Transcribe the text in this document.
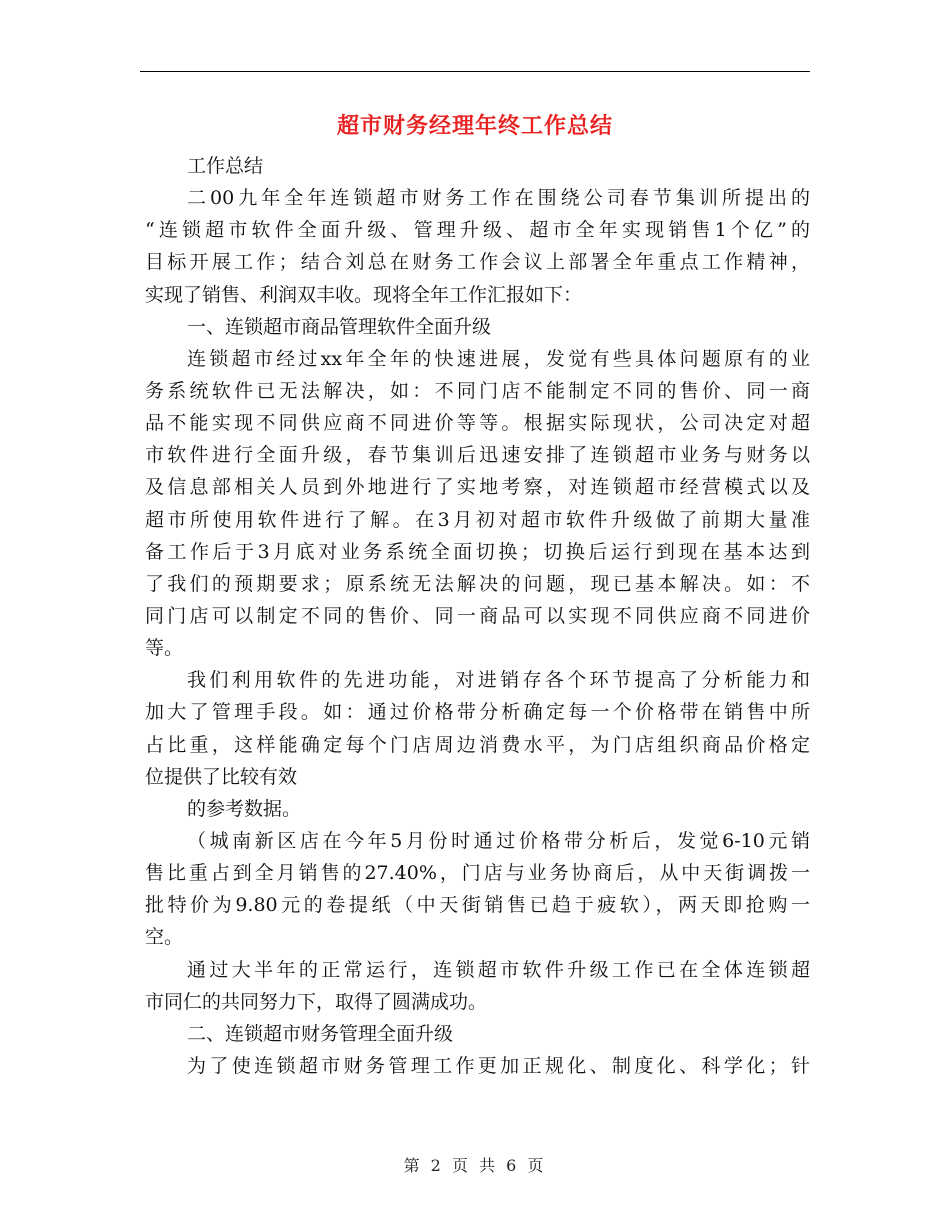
超市财务经理年终工作总结
工作总结
二00九年全年连锁超市财务工作在围绕公司春节集训所提出的
“连锁超市软件全面升级、管理升级、超市全年实现销售1个亿”的
目标开展工作；结合刘总在财务工作会议上部署全年重点工作精神，
实现了销售、利润双丰收。现将全年工作汇报如下：
一、连锁超市商品管理软件全面升级
连锁超市经过xx年全年的快速进展，发觉有些具体问题原有的业
务系统软件已无法解决，如：不同门店不能制定不同的售价、同一商
品不能实现不同供应商不同进价等等。根据实际现状，公司决定对超
市软件进行全面升级，春节集训后迅速安排了连锁超市业务与财务以
及信息部相关人员到外地进行了实地考察，对连锁超市经营模式以及
超市所使用软件进行了解。在3月初对超市软件升级做了前期大量准
备工作后于3月底对业务系统全面切换；切换后运行到现在基本达到
了我们的预期要求；原系统无法解决的问题，现已基本解决。如：不
同门店可以制定不同的售价、同一商品可以实现不同供应商不同进价
等。
我们利用软件的先进功能，对进销存各个环节提高了分析能力和
加大了管理手段。如：通过价格带分析确定每一个价格带在销售中所
占比重，这样能确定每个门店周边消费水平，为门店组织商品价格定
位提供了比较有效
的参考数据。
（城南新区店在今年5月份时通过价格带分析后，发觉6-10元销
售比重占到全月销售的27.40%，门店与业务协商后，从中天街调拨一
批特价为9.80元的卷提纸（中天街销售已趋于疲软），两天即抢购一
空。
通过大半年的正常运行，连锁超市软件升级工作已在全体连锁超
市同仁的共同努力下，取得了圆满成功。
二、连锁超市财务管理全面升级
为了使连锁超市财务管理工作更加正规化、制度化、科学化；针
第 2 页 共 6 页
